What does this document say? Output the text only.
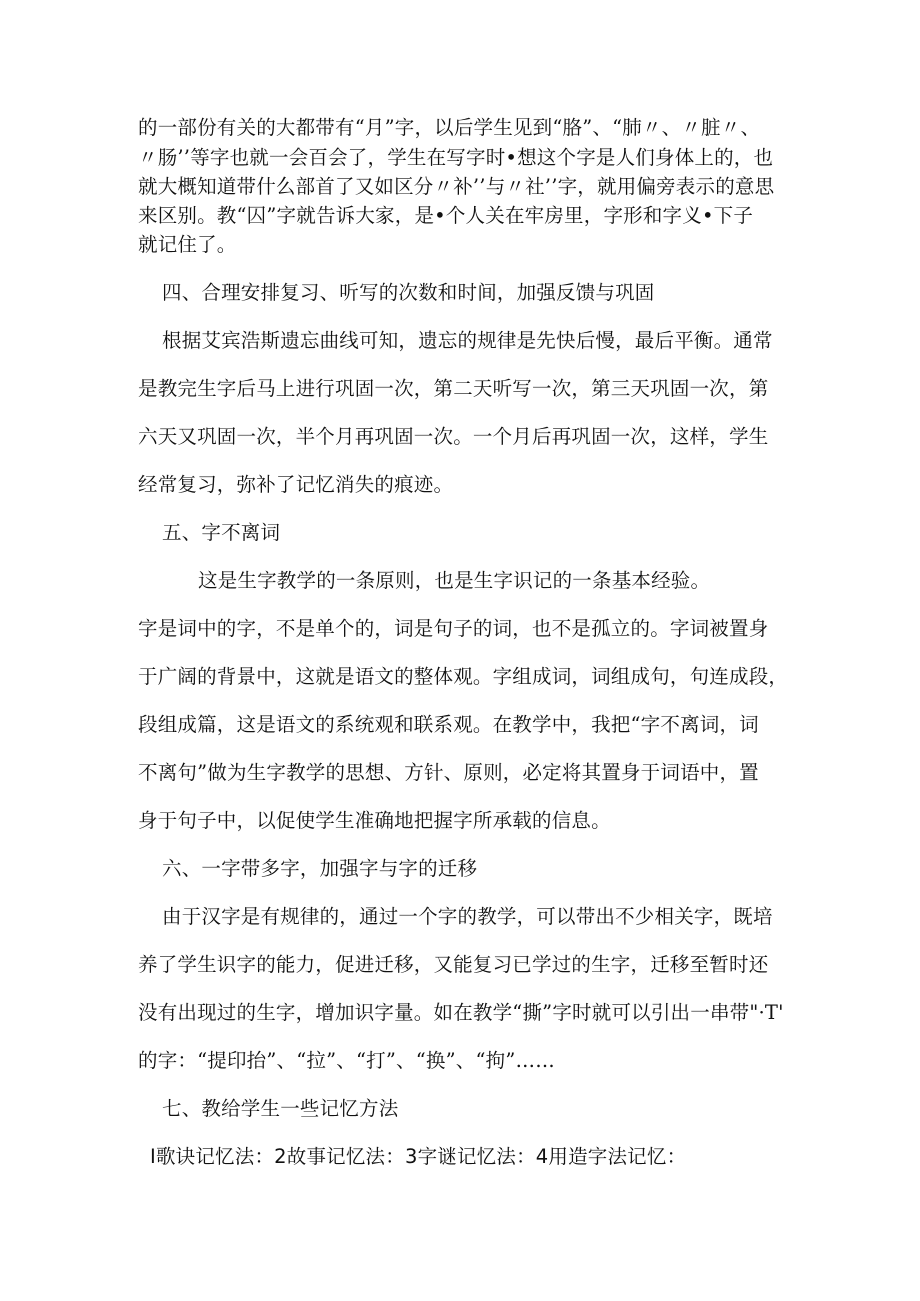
的一部份有关的大都带有“月”字，以后学生见到“胳”、“肺〃、〃脏〃、

〃肠’’等字也就一会百会了，学生在写字时•想这个字是人们身体上的，也

就大概知道带什么部首了又如区分〃补’’与〃社’’字，就用偏旁表示的意思

来区别。教“囚”字就告诉大家，是•个人关在牢房里，字形和字义•下子

就记住了。

四、合理安排复习、听写的次数和时间，加强反馈与巩固

根据艾宾浩斯遗忘曲线可知，遗忘的规律是先快后慢，最后平衡。通常

是教完生字后马上进行巩固一次，第二天听写一次，第三天巩固一次，第

六天又巩固一次，半个月再巩固一次。一个月后再巩固一次，这样，学生

经常复习，弥补了记忆消失的痕迹。

五、字不离词

这是生字教学的一条原则，也是生字识记的一条基本经验。

字是词中的字，不是单个的，词是句子的词，也不是孤立的。字词被置身

于广阔的背景中，这就是语文的整体观。字组成词，词组成句，句连成段，

段组成篇，这是语文的系统观和联系观。在教学中，我把“字不离词，词

不离句”做为生字教学的思想、方针、原则，必定将其置身于词语中，置

身于句子中，以促使学生准确地把握字所承载的信息。

六、一字带多字，加强字与字的迁移

由于汉字是有规律的，通过一个字的教学，可以带出不少相关字，既培

养了学生识字的能力，促进迁移，又能复习已学过的生字，迁移至暂时还

没有出现过的生字，增加识字量。如在教学“撕”字时就可以引出一串带"·T'

的字：“提印抬”、“拉”、“打”、“换”、“拘”……

七、教给学生一些记忆方法

I歌诀记忆法：2故事记忆法：3字谜记忆法：4用造字法记忆：
